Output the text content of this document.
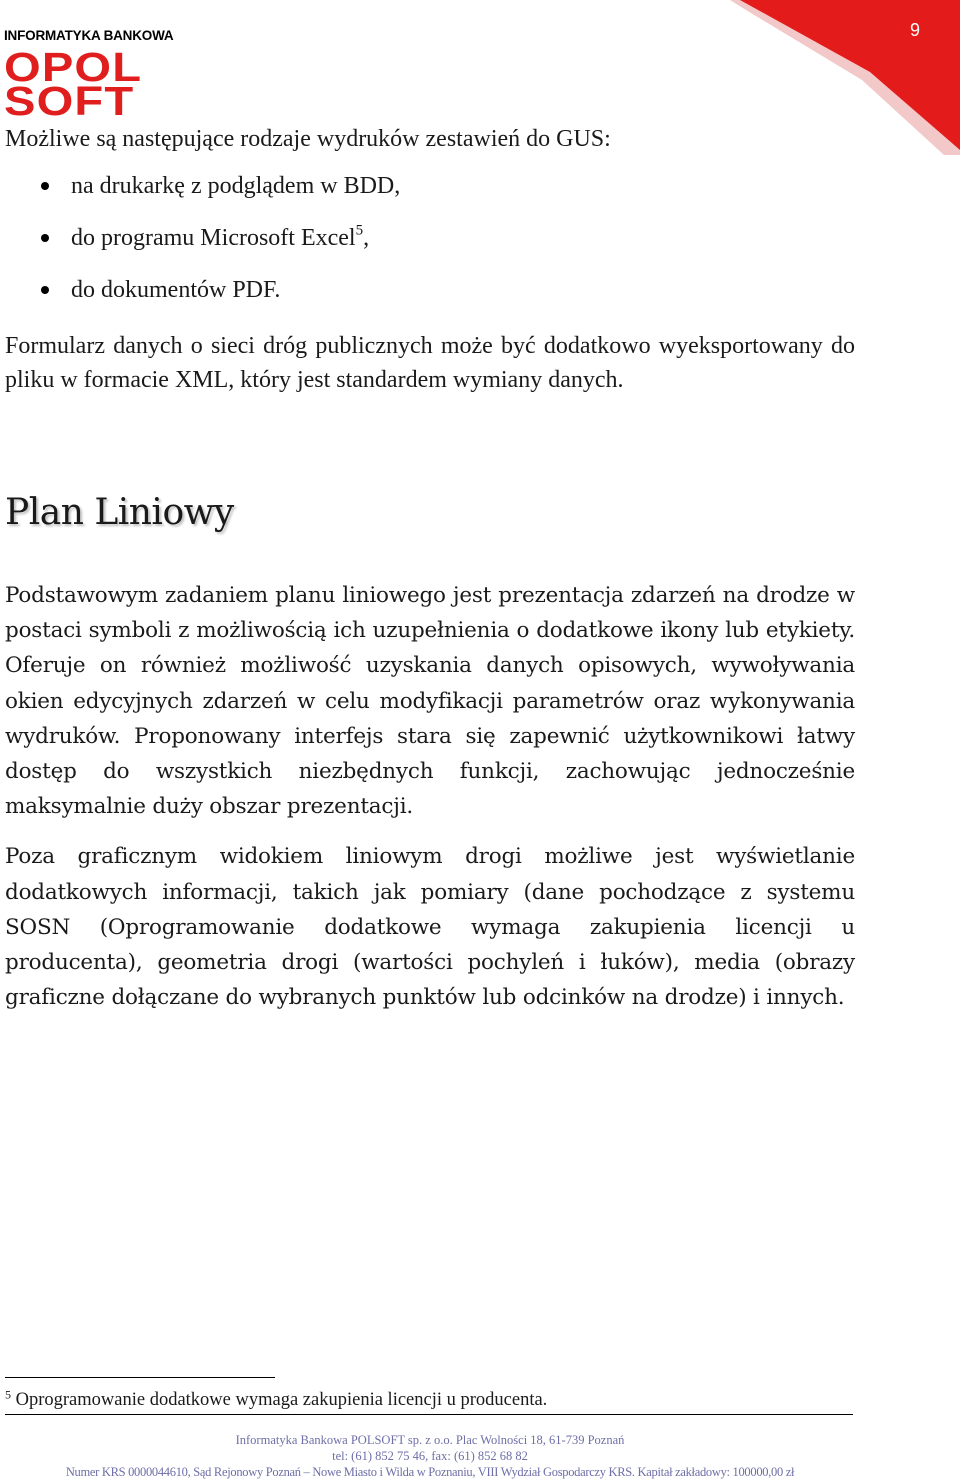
9
INFORMATYKA BANKOWA
OPOL
SOFT

Możliwe są następujące rodzaje wydruków zestawień do GUS:

na drukarkę z podglądem w BDD,
do programu Microsoft Excel$^5$,
do dokumentów PDF.

Formularz danych o sieci dróg publicznych może być dodatkowo wyeksportowany do pliku w formacie XML, który jest standardem wymiany danych.

Plan Liniowy

Podstawowym zadaniem planu liniowego jest prezentacja zdarzeń na drodze w postaci symboli z możliwością ich uzupełnienia o dodatkowe ikony lub etykiety. Oferuje on również możliwość uzyskania danych opisowych, wywoływania okien edycyjnych zdarzeń w celu modyfikacji parametrów oraz wykonywania wydruków. Proponowany interfejs stara się zapewnić użytkownikowi łatwy dostęp do wszystkich niezbędnych funkcji, zachowując jednocześnie maksymalnie duży obszar prezentacji.

Poza graficznym widokiem liniowym drogi możliwe jest wyświetlanie dodatkowych informacji, takich jak pomiary (dane pochodzące z systemu SOSN (Oprogramowanie dodatkowe wymaga zakupienia licencji u producenta), geometria drogi (wartości pochyleń i łuków), media (obrazy graficzne dołączane do wybranych punktów lub odcinków na drodze) i innych.

$^5$ Oprogramowanie dodatkowe wymaga zakupienia licencji u producenta.
Informatyka Bankowa POLSOFT sp. z o.o. Plac Wolności 18, 61-739 Poznań
tel: (61) 852 75 46, fax: (61) 852 68 82
Numer KRS 0000044610, Sąd Rejonowy Poznań – Nowe Miasto i Wilda w Poznaniu, VIII Wydział Gospodarczy KRS. Kapitał zakładowy: 100000,00 zł
